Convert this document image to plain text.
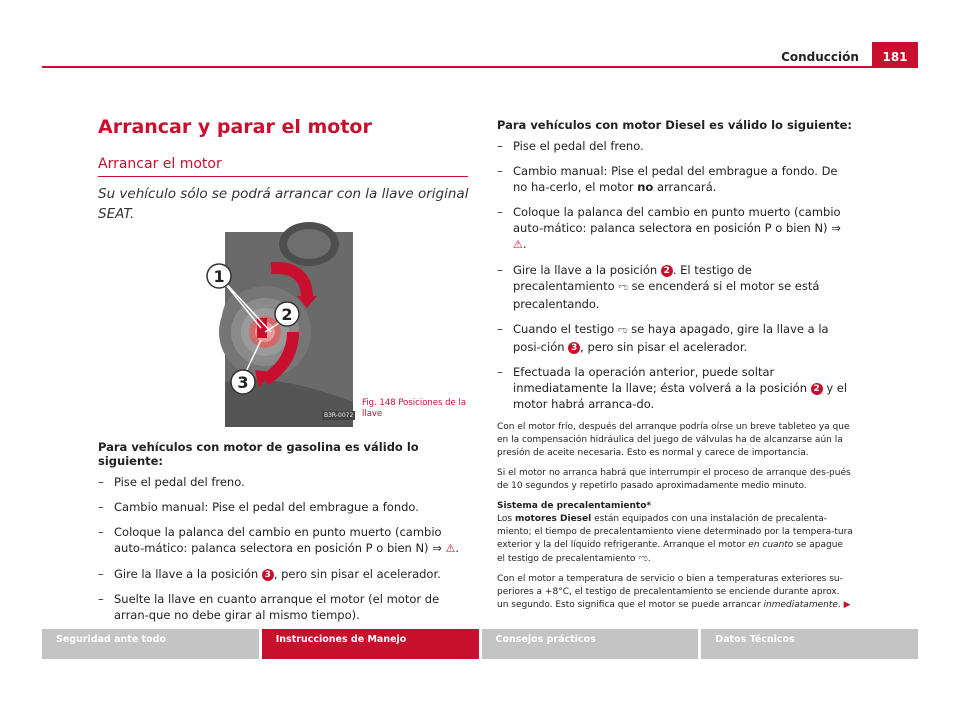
Conducción	181
Arrancar y parar el motor
Arrancar el motor
Su vehículo sólo se podrá arrancar con la llave original SEAT.
1
2
3
B3R-0072
Fig. 148 Posiciones de la llave
Para vehículos con motor de gasolina es válido lo siguiente:
– Pise el pedal del freno.
– Cambio manual: Pise el pedal del embrague a fondo.
– Coloque la palanca del cambio en punto muerto (cambio auto-mático: palanca selectora en posición P o bien N) ⇒ ⚠.
– Gire la llave a la posición 3 , pero sin pisar el acelerador.
– Suelte la llave en cuanto arranque el motor (el motor de arran-que no debe girar al mismo tiempo).
Para vehículos con motor Diesel es válido lo siguiente:
– Pise el pedal del freno.
– Cambio manual: Pise el pedal del embrague a fondo. De no ha-cerlo, el motor no arrancará.
– Coloque la palanca del cambio en punto muerto (cambio auto-mático: palanca selectora en posición P o bien N) ⇒ ⚠.
– Gire la llave a la posición 2 . El testigo de precalentamiento ಌ se encenderá si el motor se está precalentando.
– Cuando el testigo ಌ se haya apagado, gire la llave a la posi-ción 3 , pero sin pisar el acelerador.
– Efectuada la operación anterior, puede soltar inmediatamente la llave; ésta volverá a la posición 2 y el motor habrá arranca-do.

Con el motor frío, después del arranque podría oírse un breve tableteo ya que en la compensación hidráulica del juego de válvulas ha de alcanzarse aún la presión de aceite necesaria. Esto es normal y carece de importancia.

Si el motor no arranca habrá que interrumpir el proceso de arranque des-pués de 10 segundos y repetirlo pasado aproximadamente medio minuto.

Sistema de precalentamiento*

Los motores Diesel están equipados con una instalación de precalenta-miento; el tiempo de precalentamiento viene determinado por la tempera-tura exterior y la del líquido refrigerante. Arranque el motor en cuanto se apague el testigo de precalentamiento ಌ.

Con el motor a temperatura de servicio o bien a temperaturas exteriores su-periores a +8°C, el testigo de precalentamiento se enciende durante aprox. un segundo. Esto significa que el motor se puede arrancar inmediatamente. ▶

Seguridad ante todo	Instrucciones de Manejo	Consejos prácticos	Datos Técnicos
